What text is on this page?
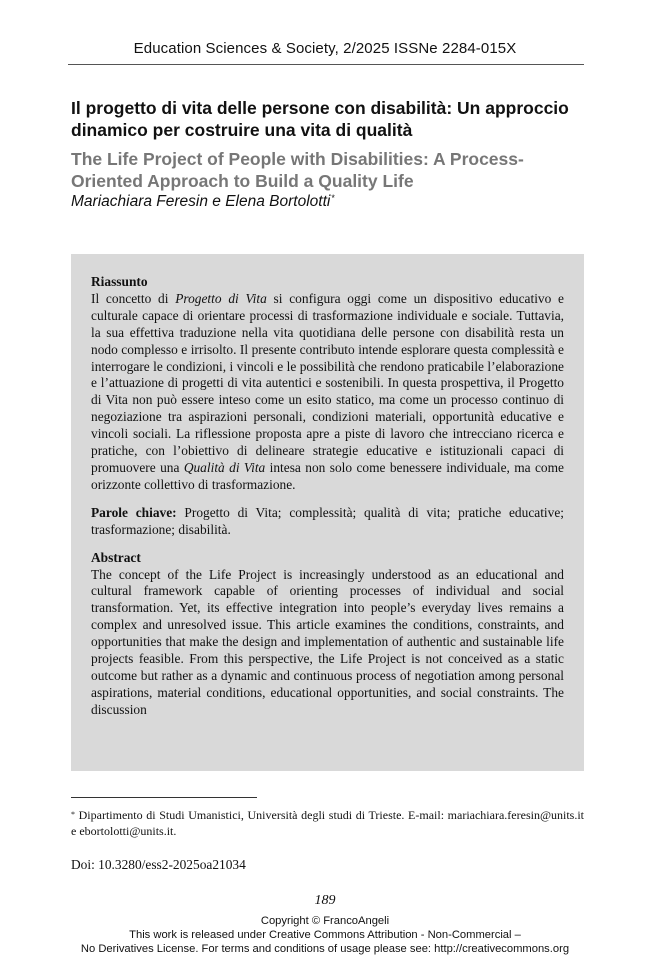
Education Sciences & Society, 2/2025 ISSNe 2284-015X
Il progetto di vita delle persone con disabilità: Un approccio dinamico per costruire una vita di qualità
The Life Project of People with Disabilities: A Process-Oriented Approach to Build a Quality Life
Mariachiara Feresin e Elena Bortolotti*
Riassunto

Il concetto di Progetto di Vita si configura oggi come un dispositivo educativo e culturale capace di orientare processi di trasformazione individuale e sociale. Tuttavia, la sua effettiva traduzione nella vita quotidiana delle persone con disabilità resta un nodo complesso e irrisolto. Il presente contributo intende esplorare questa complessità e interrogare le condizioni, i vincoli e le possibilità che rendono praticabile l’elaborazione e l’attuazione di progetti di vita autentici e sostenibili. In questa prospettiva, il Progetto di Vita non può essere inteso come un esito statico, ma come un processo continuo di negoziazione tra aspirazioni personali, condizioni materiali, opportunità educative e vincoli sociali. La riflessione proposta apre a piste di lavoro che intrecciano ricerca e pratiche, con l’obiettivo di delineare strategie educative e istituzionali capaci di promuovere una Qualità di Vita intesa non solo come benessere individuale, ma come orizzonte collettivo di trasformazione.

Parole chiave: Progetto di Vita; complessità; qualità di vita; pratiche educative; trasformazione; disabilità.

Abstract

The concept of the Life Project is increasingly understood as an educational and cultural framework capable of orienting processes of individual and social transformation. Yet, its effective integration into people’s everyday lives remains a complex and unresolved issue. This article examines the conditions, constraints, and opportunities that make the design and implementation of authentic and sustainable life projects feasible. From this perspective, the Life Project is not conceived as a static outcome but rather as a dynamic and continuous process of negotiation among personal aspirations, material conditions, educational opportunities, and social constraints. The discussion

* Dipartimento di Studi Umanistici, Università degli studi di Trieste. E-mail: mariachiara.feresin@units.it e ebortolotti@units.it.
Doi: 10.3280/ess2-2025oa21034
189
Copyright © FrancoAngeli
This work is released under Creative Commons Attribution - Non-Commercial –
No Derivatives License. For terms and conditions of usage please see: http://creativecommons.org
